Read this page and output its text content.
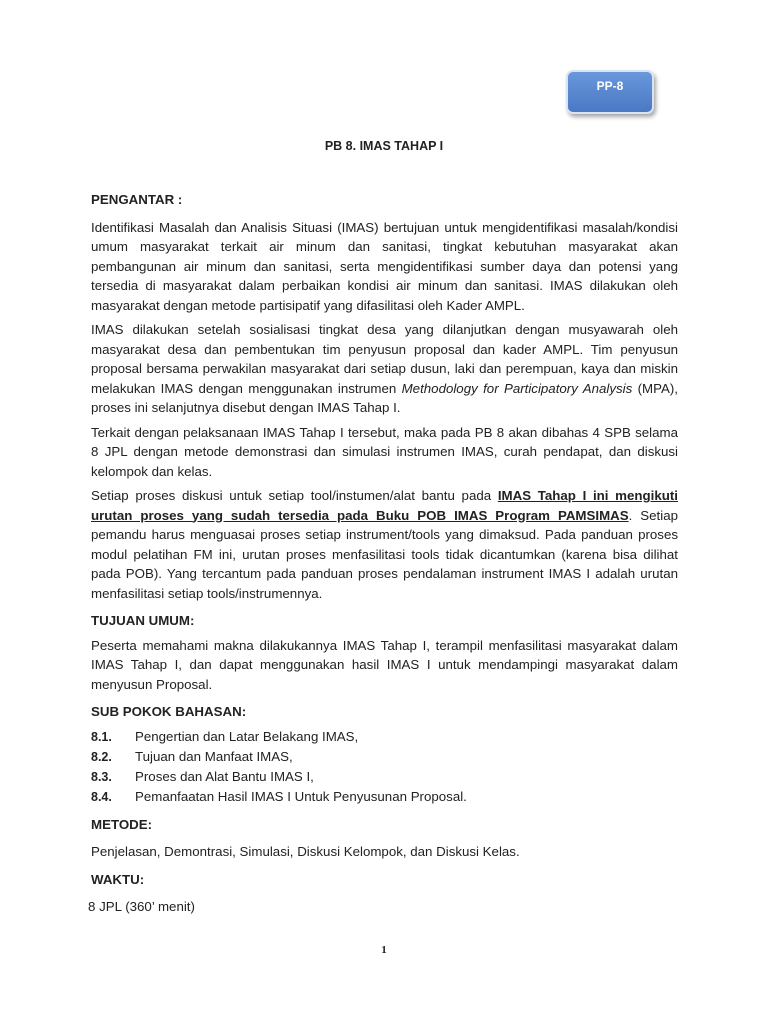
PP-8
PB 8. IMAS TAHAP I
PENGANTAR :

Identifikasi Masalah dan Analisis Situasi (IMAS) bertujuan untuk mengidentifikasi masalah/kondisi umum masyarakat terkait air minum dan sanitasi, tingkat kebutuhan masyarakat akan pembangunan air minum dan sanitasi, serta mengidentifikasi sumber daya dan potensi yang tersedia di masyarakat dalam perbaikan kondisi air minum dan sanitasi. IMAS dilakukan oleh masyarakat dengan metode partisipatif yang difasilitasi oleh Kader AMPL.

IMAS dilakukan setelah sosialisasi tingkat desa yang dilanjutkan dengan musyawarah oleh masyarakat desa dan pembentukan tim penyusun proposal dan kader AMPL. Tim penyusun proposal bersama perwakilan masyarakat dari setiap dusun, laki dan perempuan, kaya dan miskin melakukan IMAS dengan menggunakan instrumen Methodology for Participatory Analysis (MPA), proses ini selanjutnya disebut dengan IMAS Tahap I.

Terkait dengan pelaksanaan IMAS Tahap I tersebut, maka pada PB 8 akan dibahas 4 SPB selama 8 JPL dengan metode demonstrasi dan simulasi instrumen IMAS, curah pendapat, dan diskusi kelompok dan kelas.

Setiap proses diskusi untuk setiap tool/instumen/alat bantu pada IMAS Tahap I ini mengikuti urutan proses yang sudah tersedia pada Buku POB IMAS Program PAMSIMAS. Setiap pemandu harus menguasai proses setiap instrument/tools yang dimaksud. Pada panduan proses modul pelatihan FM ini, urutan proses menfasilitasi tools tidak dicantumkan (karena bisa dilihat pada POB). Yang tercantum pada panduan proses pendalaman instrument IMAS I adalah urutan menfasilitasi setiap tools/instrumennya.

TUJUAN UMUM:

Peserta memahami makna dilakukannya IMAS Tahap I, terampil menfasilitasi masyarakat dalam IMAS Tahap I, dan dapat menggunakan hasil IMAS I untuk mendampingi masyarakat dalam menyusun Proposal.

SUB POKOK BAHASAN:
8.1.	Pengertian dan Latar Belakang IMAS,
8.2.	Tujuan dan Manfaat IMAS,
8.3.	Proses dan Alat Bantu IMAS I,
8.4.	Pemanfaatan Hasil IMAS I Untuk Penyusunan Proposal.
METODE:

Penjelasan, Demontrasi, Simulasi, Diskusi Kelompok, dan Diskusi Kelas.

WAKTU:

8 JPL (360’ menit)

1
